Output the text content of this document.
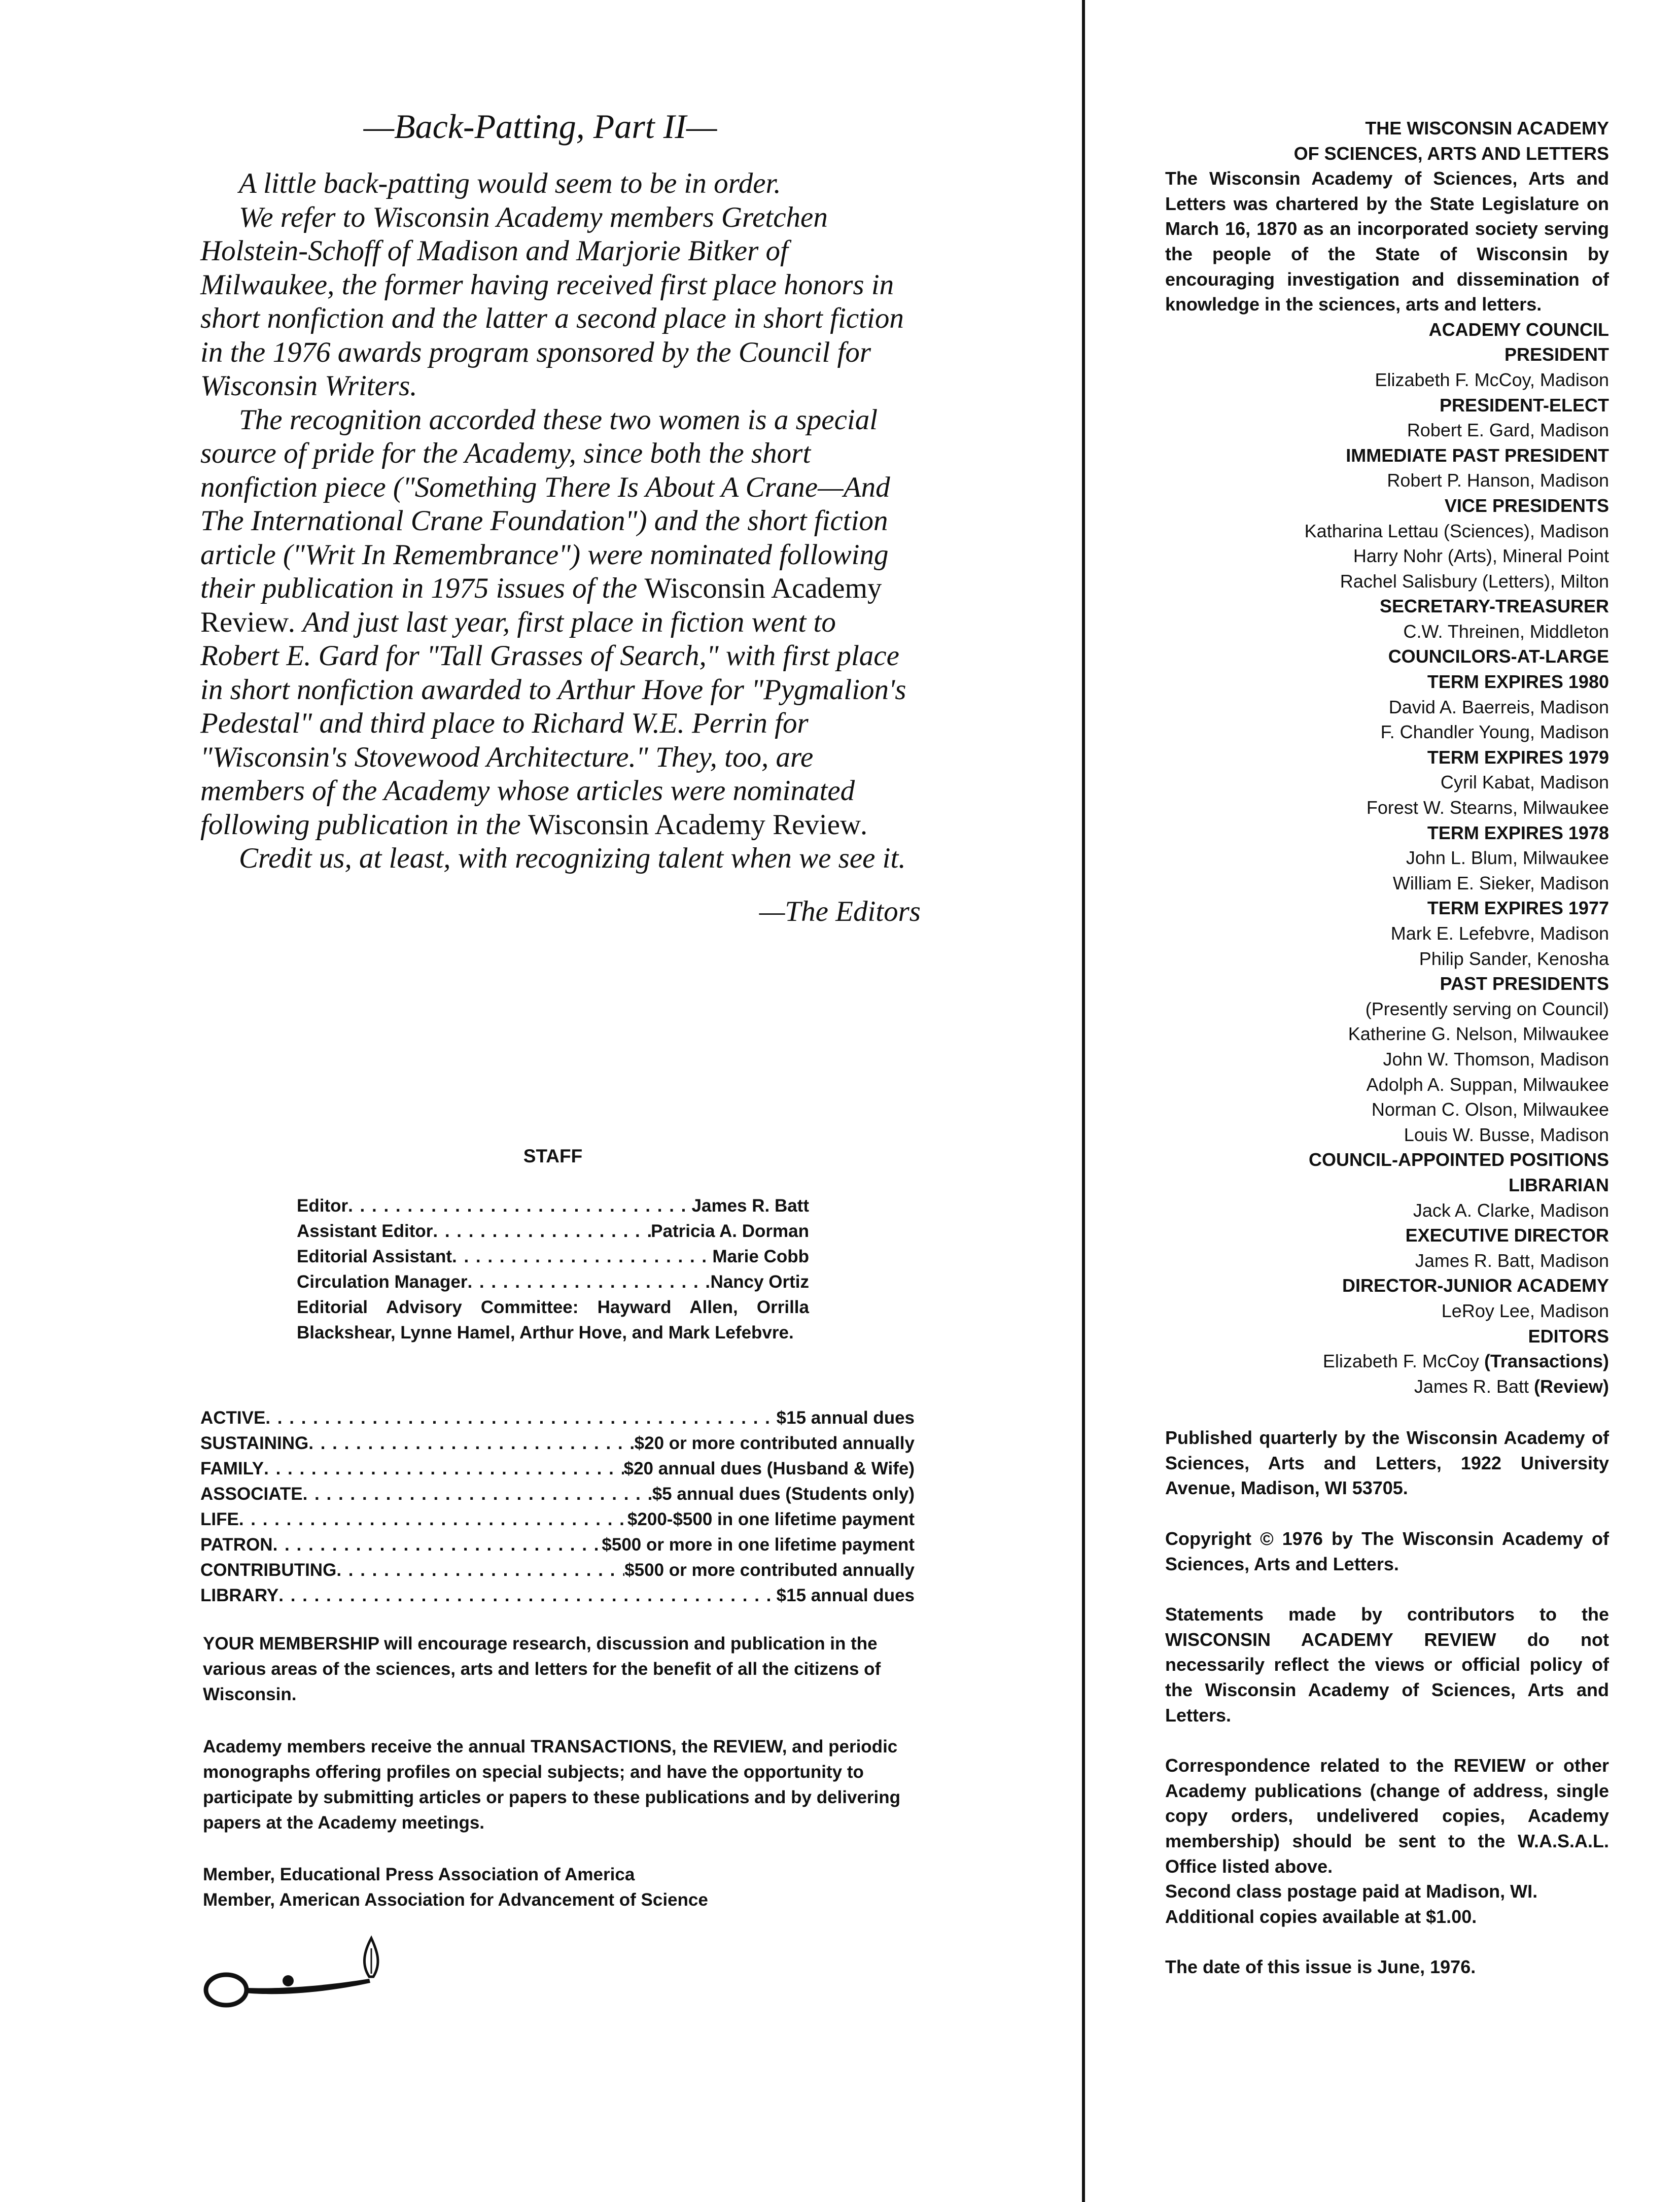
—Back-Patting, Part II—

A little back-patting would seem to be in order.

We refer to Wisconsin Academy members Gretchen Holstein-Schoff of Madison and Marjorie Bitker of Milwaukee, the former having received first place honors in short nonfiction and the latter a second place in short fiction in the 1976 awards program sponsored by the Council for Wisconsin Writers.

The recognition accorded these two women is a special source of pride for the Academy, since both the short nonfiction piece ("Something There Is About A Crane—And The International Crane Foundation") and the short fiction article ("Writ In Remembrance") were nominated following their publication in 1975 issues of the Wisconsin Academy Review. And just last year, first place in fiction went to Robert E. Gard for "Tall Grasses of Search," with first place in short nonfiction awarded to Arthur Hove for "Pygmalion's Pedestal" and third place to Richard W.E. Perrin for "Wisconsin's Stovewood Architecture." They, too, are members of the Academy whose articles were nominated following publication in the Wisconsin Academy Review.

Credit us, at least, with recognizing talent when we see it.

—The Editors
STAFF
Editor . . .	James R. Batt
Assistant Editor . . .	Patricia A. Dorman
Editorial Assistant . . .	Marie Cobb
Circulation Manager . . .	Nancy Ortiz

Editorial Advisory Committee: Hayward Allen, Orrilla Blackshear, Lynne Hamel, Arthur Hove, and Mark Lefebvre.

ACTIVE . . .	$15 annual dues
SUSTAINING . . .	$20 or more contributed annually
FAMILY . . .	$20 annual dues (Husband & Wife)
ASSOCIATE . . .	$5 annual dues (Students only)
LIFE . . .	$200-$500 in one lifetime payment
PATRON . . .	$500 or more in one lifetime payment
CONTRIBUTING . . .	$500 or more contributed annually
LIBRARY . . .	$15 annual dues

YOUR MEMBERSHIP will encourage research, discussion and publication in the various areas of the sciences, arts and letters for the benefit of all the citizens of Wisconsin.

Academy members receive the annual TRANSACTIONS, the REVIEW, and periodic monographs offering profiles on special subjects; and have the opportunity to participate by submitting articles or papers to these publications and by delivering papers at the Academy meetings.

Member, Educational Press Association of America

Member, American Association for Advancement of Science

THE WISCONSIN ACADEMY

OF SCIENCES, ARTS AND LETTERS

The Wisconsin Academy of Sciences, Arts and Letters was chartered by the State Legislature on March 16, 1870 as an incorporated society serving the people of the State of Wisconsin by encouraging investigation and dissemination of knowledge in the sciences, arts and letters.

ACADEMY COUNCIL

PRESIDENT

Elizabeth F. McCoy, Madison

PRESIDENT-ELECT

Robert E. Gard, Madison

IMMEDIATE PAST PRESIDENT

Robert P. Hanson, Madison

VICE PRESIDENTS

Katharina Lettau (Sciences), Madison

Harry Nohr (Arts), Mineral Point

Rachel Salisbury (Letters), Milton

SECRETARY-TREASURER

C.W. Threinen, Middleton

COUNCILORS-AT-LARGE

TERM EXPIRES 1980

David A. Baerreis, Madison

F. Chandler Young, Madison

TERM EXPIRES 1979

Cyril Kabat, Madison

Forest W. Stearns, Milwaukee

TERM EXPIRES 1978

John L. Blum, Milwaukee

William E. Sieker, Madison

TERM EXPIRES 1977

Mark E. Lefebvre, Madison

Philip Sander, Kenosha

PAST PRESIDENTS

(Presently serving on Council)

Katherine G. Nelson, Milwaukee

John W. Thomson, Madison

Adolph A. Suppan, Milwaukee

Norman C. Olson, Milwaukee

Louis W. Busse, Madison

COUNCIL-APPOINTED POSITIONS

LIBRARIAN

Jack A. Clarke, Madison

EXECUTIVE DIRECTOR

James R. Batt, Madison

DIRECTOR-JUNIOR ACADEMY

LeRoy Lee, Madison

EDITORS

Elizabeth F. McCoy (Transactions)

James R. Batt (Review)

Published quarterly by the Wisconsin Academy of Sciences, Arts and Letters, 1922 University Avenue, Madison, WI 53705.

Copyright © 1976 by The Wisconsin Academy of Sciences, Arts and Letters.

Statements made by contributors to the WISCONSIN ACADEMY REVIEW do not necessarily reflect the views or official policy of the Wisconsin Academy of Sciences, Arts and Letters.

Correspondence related to the REVIEW or other Academy publications (change of address, single copy orders, undelivered copies, Academy membership) should be sent to the W.A.S.A.L. Office listed above.

Second class postage paid at Madison, WI.

Additional copies available at $1.00.

The date of this issue is June, 1976.
